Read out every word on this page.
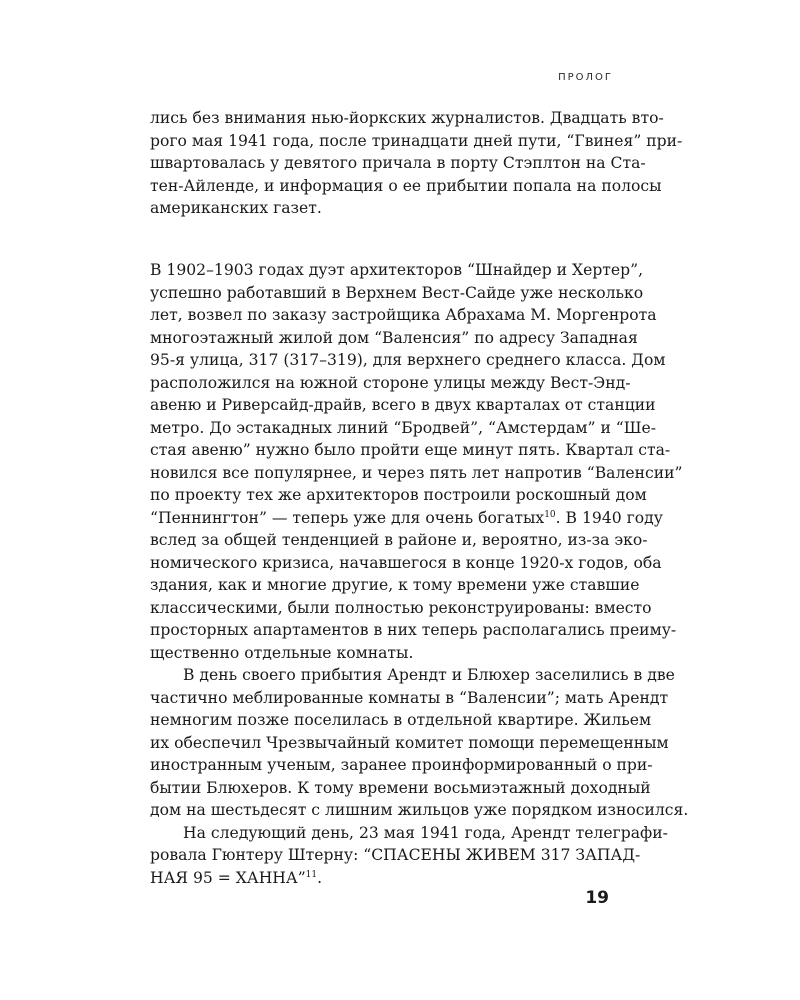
ПРОЛОГ
лись без внимания нью-йоркских журналистов. Двадцать вто-
рого мая 1941 года, после тринадцати дней пути, “Гвинея” при-
швартовалась у девятого причала в порту Стэплтон на Ста-
тен-Айленде, и информация о ее прибытии попала на полосы
американских газет.
В 1902–1903 годах дуэт архитекторов “Шнайдер и Хертер”,
успешно работавший в Верхнем Вест-Сайде уже несколько
лет, возвел по заказу застройщика Абрахама М. Моргенрота
многоэтажный жилой дом “Валенсия” по адресу Западная
95-я улица, 317 (317–319), для верхнего среднего класса. Дом
расположился на южной стороне улицы между Вест-Энд-
авеню и Риверсайд-драйв, всего в двух кварталах от станции
метро. До эстакадных линий “Бродвей”, “Амстердам” и “Ше-
стая авеню” нужно было пройти еще минут пять. Квартал ста-
новился все популярнее, и через пять лет напротив “Валенсии”
по проекту тех же архитекторов построили роскошный дом
“Пеннингтон” — теперь уже для очень богатых$^{10}$. В 1940 году
вслед за общей тенденцией в районе и, вероятно, из-за эко-
номического кризиса, начавшегося в конце 1920-х годов, оба
здания, как и многие другие, к тому времени уже ставшие
классическими, были полностью реконструированы: вместо
просторных апартаментов в них теперь располагались преиму-
щественно отдельные комнаты.
В день своего прибытия Арендт и Блюхер заселились в две
частично меблированные комнаты в “Валенсии”; мать Арендт
немногим позже поселилась в отдельной квартире. Жильем
их обеспечил Чрезвычайный комитет помощи перемещенным
иностранным ученым, заранее проинформированный о при-
бытии Блюхеров. К тому времени восьмиэтажный доходный
дом на шестьдесят с лишним жильцов уже порядком износился.
На следующий день, 23 мая 1941 года, Арендт телеграфи-
ровала Гюнтеру Штерну: “СПАСЕНЫ ЖИВЕМ 317 ЗАПАД-
НАЯ 95 = ХАННА”$^{11}$.
19
